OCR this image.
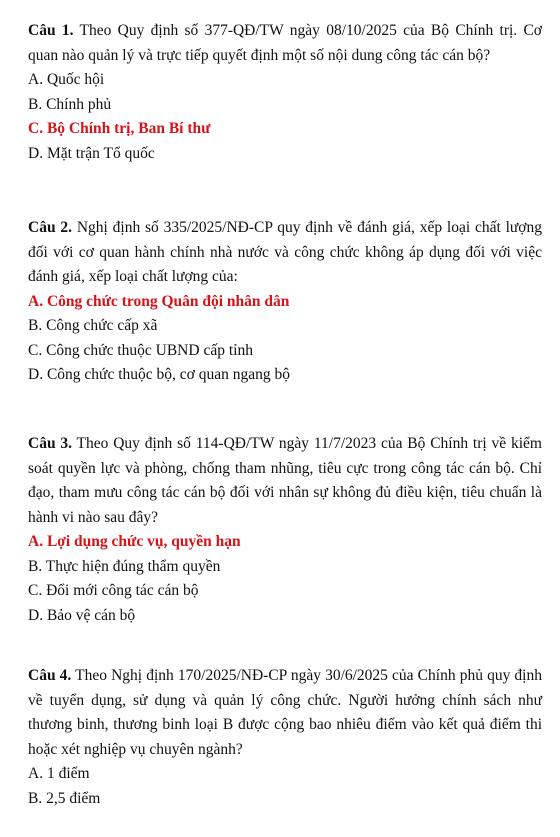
Câu 1. Theo Quy định số 377-QĐ/TW ngày 08/10/2025 của Bộ Chính trị. Cơ quan nào quản lý và trực tiếp quyết định một số nội dung công tác cán bộ?

A. Quốc hội

B. Chính phủ

C. Bộ Chính trị, Ban Bí thư

D. Mặt trận Tổ quốc

Câu 2. Nghị định số 335/2025/NĐ-CP quy định về đánh giá, xếp loại chất lượng đối với cơ quan hành chính nhà nước và công chức không áp dụng đối với việc đánh giá, xếp loại chất lượng của:

A. Công chức trong Quân đội nhân dân

B. Công chức cấp xã

C. Công chức thuộc UBND cấp tỉnh

D. Công chức thuộc bộ, cơ quan ngang bộ

Câu 3. Theo Quy định số 114-QĐ/TW ngày 11/7/2023 của Bộ Chính trị về kiểm soát quyền lực và phòng, chống tham nhũng, tiêu cực trong công tác cán bộ. Chỉ đạo, tham mưu công tác cán bộ đối với nhân sự không đủ điều kiện, tiêu chuẩn là hành vi nào sau đây?

A. Lợi dụng chức vụ, quyền hạn

B. Thực hiện đúng thẩm quyền

C. Đổi mới công tác cán bộ

D. Bảo vệ cán bộ

Câu 4. Theo Nghị định 170/2025/NĐ-CP ngày 30/6/2025 của Chính phủ quy định về tuyển dụng, sử dụng và quản lý công chức. Người hưởng chính sách như thương binh, thương binh loại B được cộng bao nhiêu điểm vào kết quả điểm thi hoặc xét nghiệp vụ chuyên ngành?

A. 1 điểm

B. 2,5 điểm
